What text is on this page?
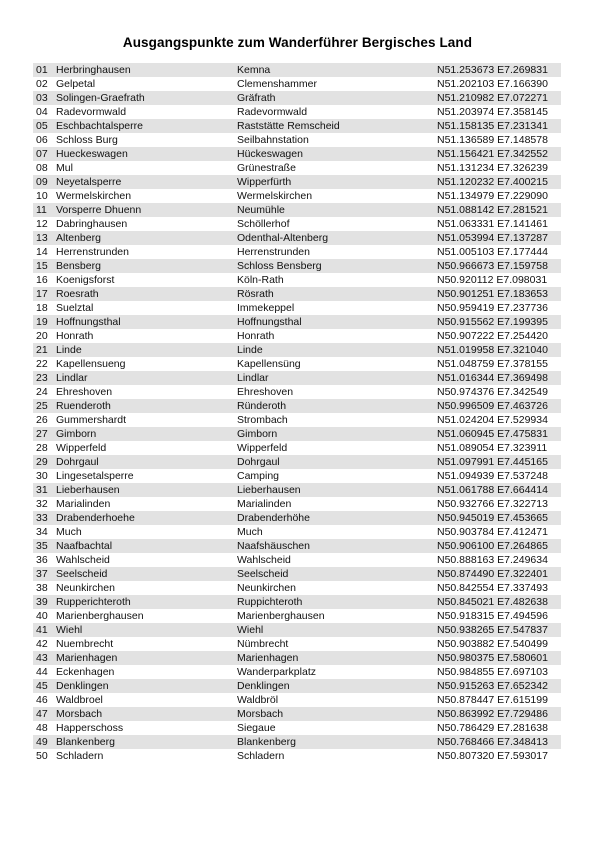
Ausgangspunkte zum Wanderführer Bergisches Land
01 Herbringhausen	Kemna	N51.253673 E7.269831
02 Gelpetal	Clemenshammer	N51.202103 E7.166390
03 Solingen-Graefrath	Gräfrath	N51.210982 E7.072271
04 Radevormwald	Radevormwald	N51.203974 E7.358145
05 Eschbachtalsperre	Raststätte Remscheid	N51.158135 E7.231341
06 Schloss Burg	Seilbahnstation	N51.136589 E7.148578
07 Hueckeswagen	Hückeswagen	N51.156421 E7.342552
08 Mul	Grünestraße	N51.131234 E7.326239
09 Neyetalsperre	Wipperfürth	N51.120232 E7.400215
10 Wermelskirchen	Wermelskirchen	N51.134979 E7.229090
11 Vorsperre Dhuenn	Neumühle	N51.088142 E7.281521
12 Dabringhausen	Schöllerhof	N51.063331 E7.141461
13 Altenberg	Odenthal-Altenberg	N51.053994 E7.137287
14 Herrenstrunden	Herrenstrunden	N51.005103 E7.177444
15 Bensberg	Schloss Bensberg	N50.966673 E7.159758
16 Koenigsforst	Köln-Rath	N50.920112 E7.098031
17 Roesrath	Rösrath	N50.901251 E7.183653
18 Suelztal	Immekeppel	N50.959419 E7.237736
19 Hoffnungsthal	Hoffnungsthal	N50.915562 E7.199395
20 Honrath	Honrath	N50.907222 E7.254420
21 Linde	Linde	N51.019958 E7.321040
22 Kapellensueng	Kapellensüng	N51.048759 E7.378155
23 Lindlar	Lindlar	N51.016344 E7.369498
24 Ehreshoven	Ehreshoven	N50.974376 E7.342549
25 Ruenderoth	Ründeroth	N50.996509 E7.463726
26 Gummershardt	Strombach	N51.024204 E7.529934
27 Gimborn	Gimborn	N51.060945 E7.475831
28 Wipperfeld	Wipperfeld	N51.089054 E7.323911
29 Dohrgaul	Dohrgaul	N51.097991 E7.445165
30 Lingesetalsperre	Camping	N51.094939 E7.537248
31 Lieberhausen	Lieberhausen	N51.061788 E7.664414
32 Marialinden	Marialinden	N50.932766 E7.322713
33 Drabenderhoehe	Drabenderhöhe	N50.945019 E7.453665
34 Much	Much	N50.903784 E7.412471
35 Naafbachtal	Naafshäuschen	N50.906100 E7.264865
36 Wahlscheid	Wahlscheid	N50.888163 E7.249634
37 Seelscheid	Seelscheid	N50.874490 E7.322401
38 Neunkirchen	Neunkirchen	N50.842554 E7.337493
39 Rupperichteroth	Ruppichteroth	N50.845021 E7.482638
40 Marienberghausen	Marienberghausen	N50.918315 E7.494596
41 Wiehl	Wiehl	N50.938265 E7.547837
42 Nuembrecht	Nümbrecht	N50.903882 E7.540499
43 Marienhagen	Marienhagen	N50.980375 E7.580601
44 Eckenhagen	Wanderparkplatz	N50.984855 E7.697103
45 Denklingen	Denklingen	N50.915263 E7.652342
46 Waldbroel	Waldbröl	N50.878447 E7.615199
47 Morsbach	Morsbach	N50.863992 E7.729486
48 Happerschoss	Siegaue	N50.786429 E7.281638
49 Blankenberg	Blankenberg	N50.768466 E7.348413
50 Schladern	Schladern	N50.807320 E7.593017
